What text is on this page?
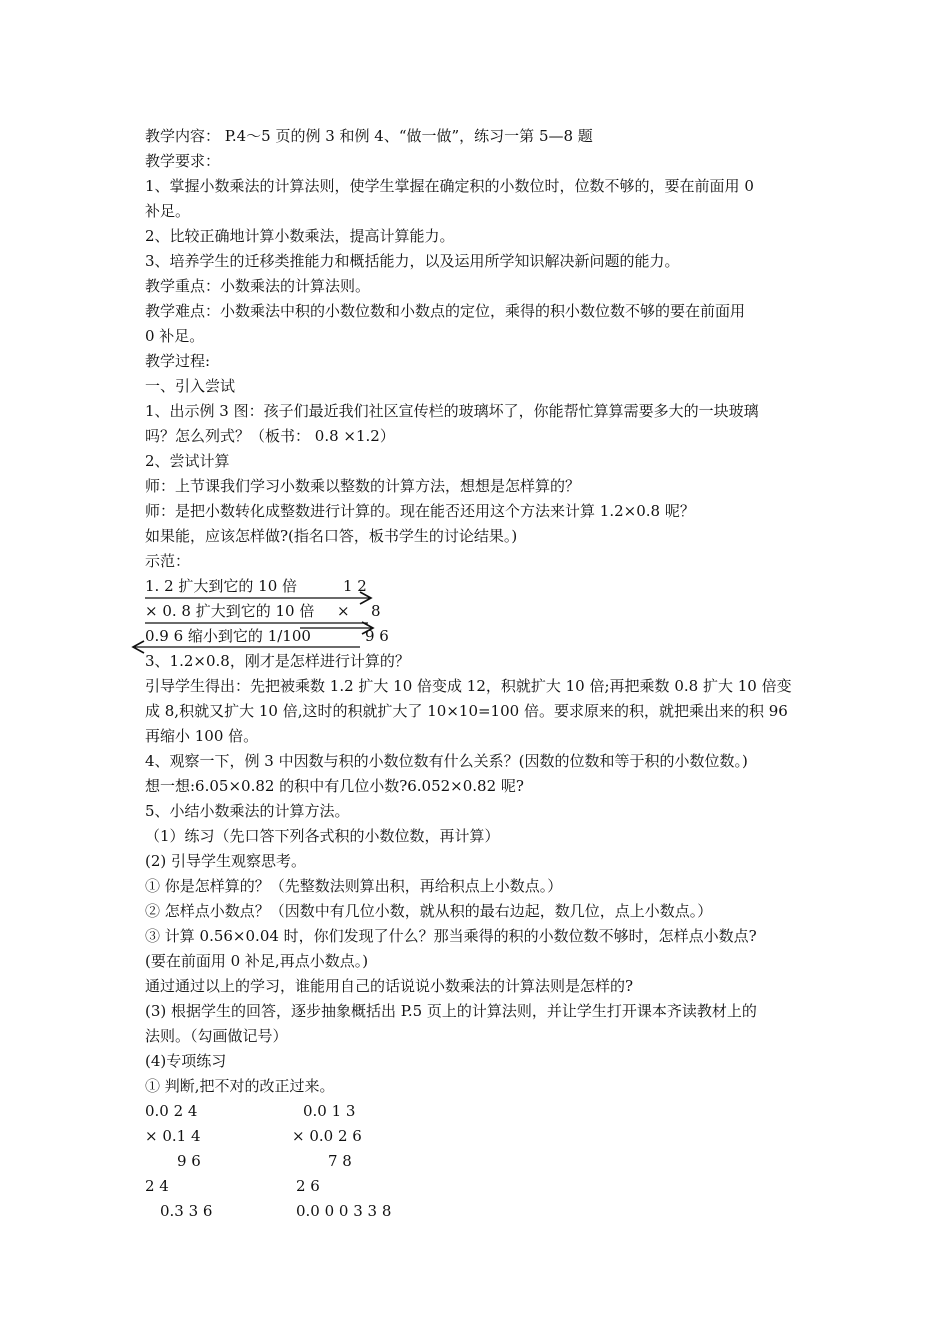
教学内容： P.4～5 页的例 3 和例 4、“做一做”，练习一第 5—8 题
教学要求：
1、掌握小数乘法的计算法则，使学生掌握在确定积的小数位时，位数不够的，要在前面用 0
补足。
2、比较正确地计算小数乘法，提高计算能力。
3、培养学生的迁移类推能力和概括能力，以及运用所学知识解决新问题的能力。
教学重点：小数乘法的计算法则。
教学难点：小数乘法中积的小数位数和小数点的定位，乘得的积小数位数不够的要在前面用
0 补足。
教学过程:
一、引入尝试
1、出示例 3 图：孩子们最近我们社区宣传栏的玻璃坏了，你能帮忙算算需要多大的一块玻璃
吗？怎么列式？（板书： 0.8 ×1.2）
2、尝试计算
师：上节课我们学习小数乘以整数的计算方法，想想是怎样算的？
师：是把小数转化成整数进行计算的。现在能否还用这个方法来计算 1.2×0.8 呢？
如果能，应该怎样做?(指名口答，板书学生的讨论结果。)
示范：
1. 2 扩大到它的 10 倍	1 2
× 0. 8 扩大到它的 10 倍 × 8
0.9 6 缩小到它的 1/100	9 6
3、1.2×0.8，刚才是怎样进行计算的？
引导学生得出：先把被乘数 1.2 扩大 10 倍变成 12，积就扩大 10 倍;再把乘数 0.8 扩大 10 倍变
成 8,积就又扩大 10 倍,这时的积就扩大了 10×10=100 倍。要求原来的积，就把乘出来的积 96
再缩小 100 倍。
4、观察一下，例 3 中因数与积的小数位数有什么关系？(因数的位数和等于积的小数位数。)
想一想:6.05×0.82 的积中有几位小数?6.052×0.82 呢?
5、小结小数乘法的计算方法。
（1）练习（先口答下列各式积的小数位数，再计算）
(2) 引导学生观察思考。
① 你是怎样算的？（先整数法则算出积，再给积点上小数点。）
② 怎样点小数点？（因数中有几位小数，就从积的最右边起，数几位，点上小数点。）
③ 计算 0.56×0.04 时，你们发现了什么？那当乘得的积的小数位数不够时，怎样点小数点?
(要在前面用 0 补足,再点小数点。)
通过通过以上的学习，谁能用自己的话说说小数乘法的计算法则是怎样的?
(3) 根据学生的回答，逐步抽象概括出 P.5 页上的计算法则，并让学生打开课本齐读教材上的
法则。（勾画做记号）
(4)专项练习
① 判断,把不对的改正过来。
0.0 2 4
× 0.1 4
9 6
2 4
0.3 3 6
0.0 1 3
× 0.0 2 6
7 8
2 6
0.0 0 0 3 3 8
